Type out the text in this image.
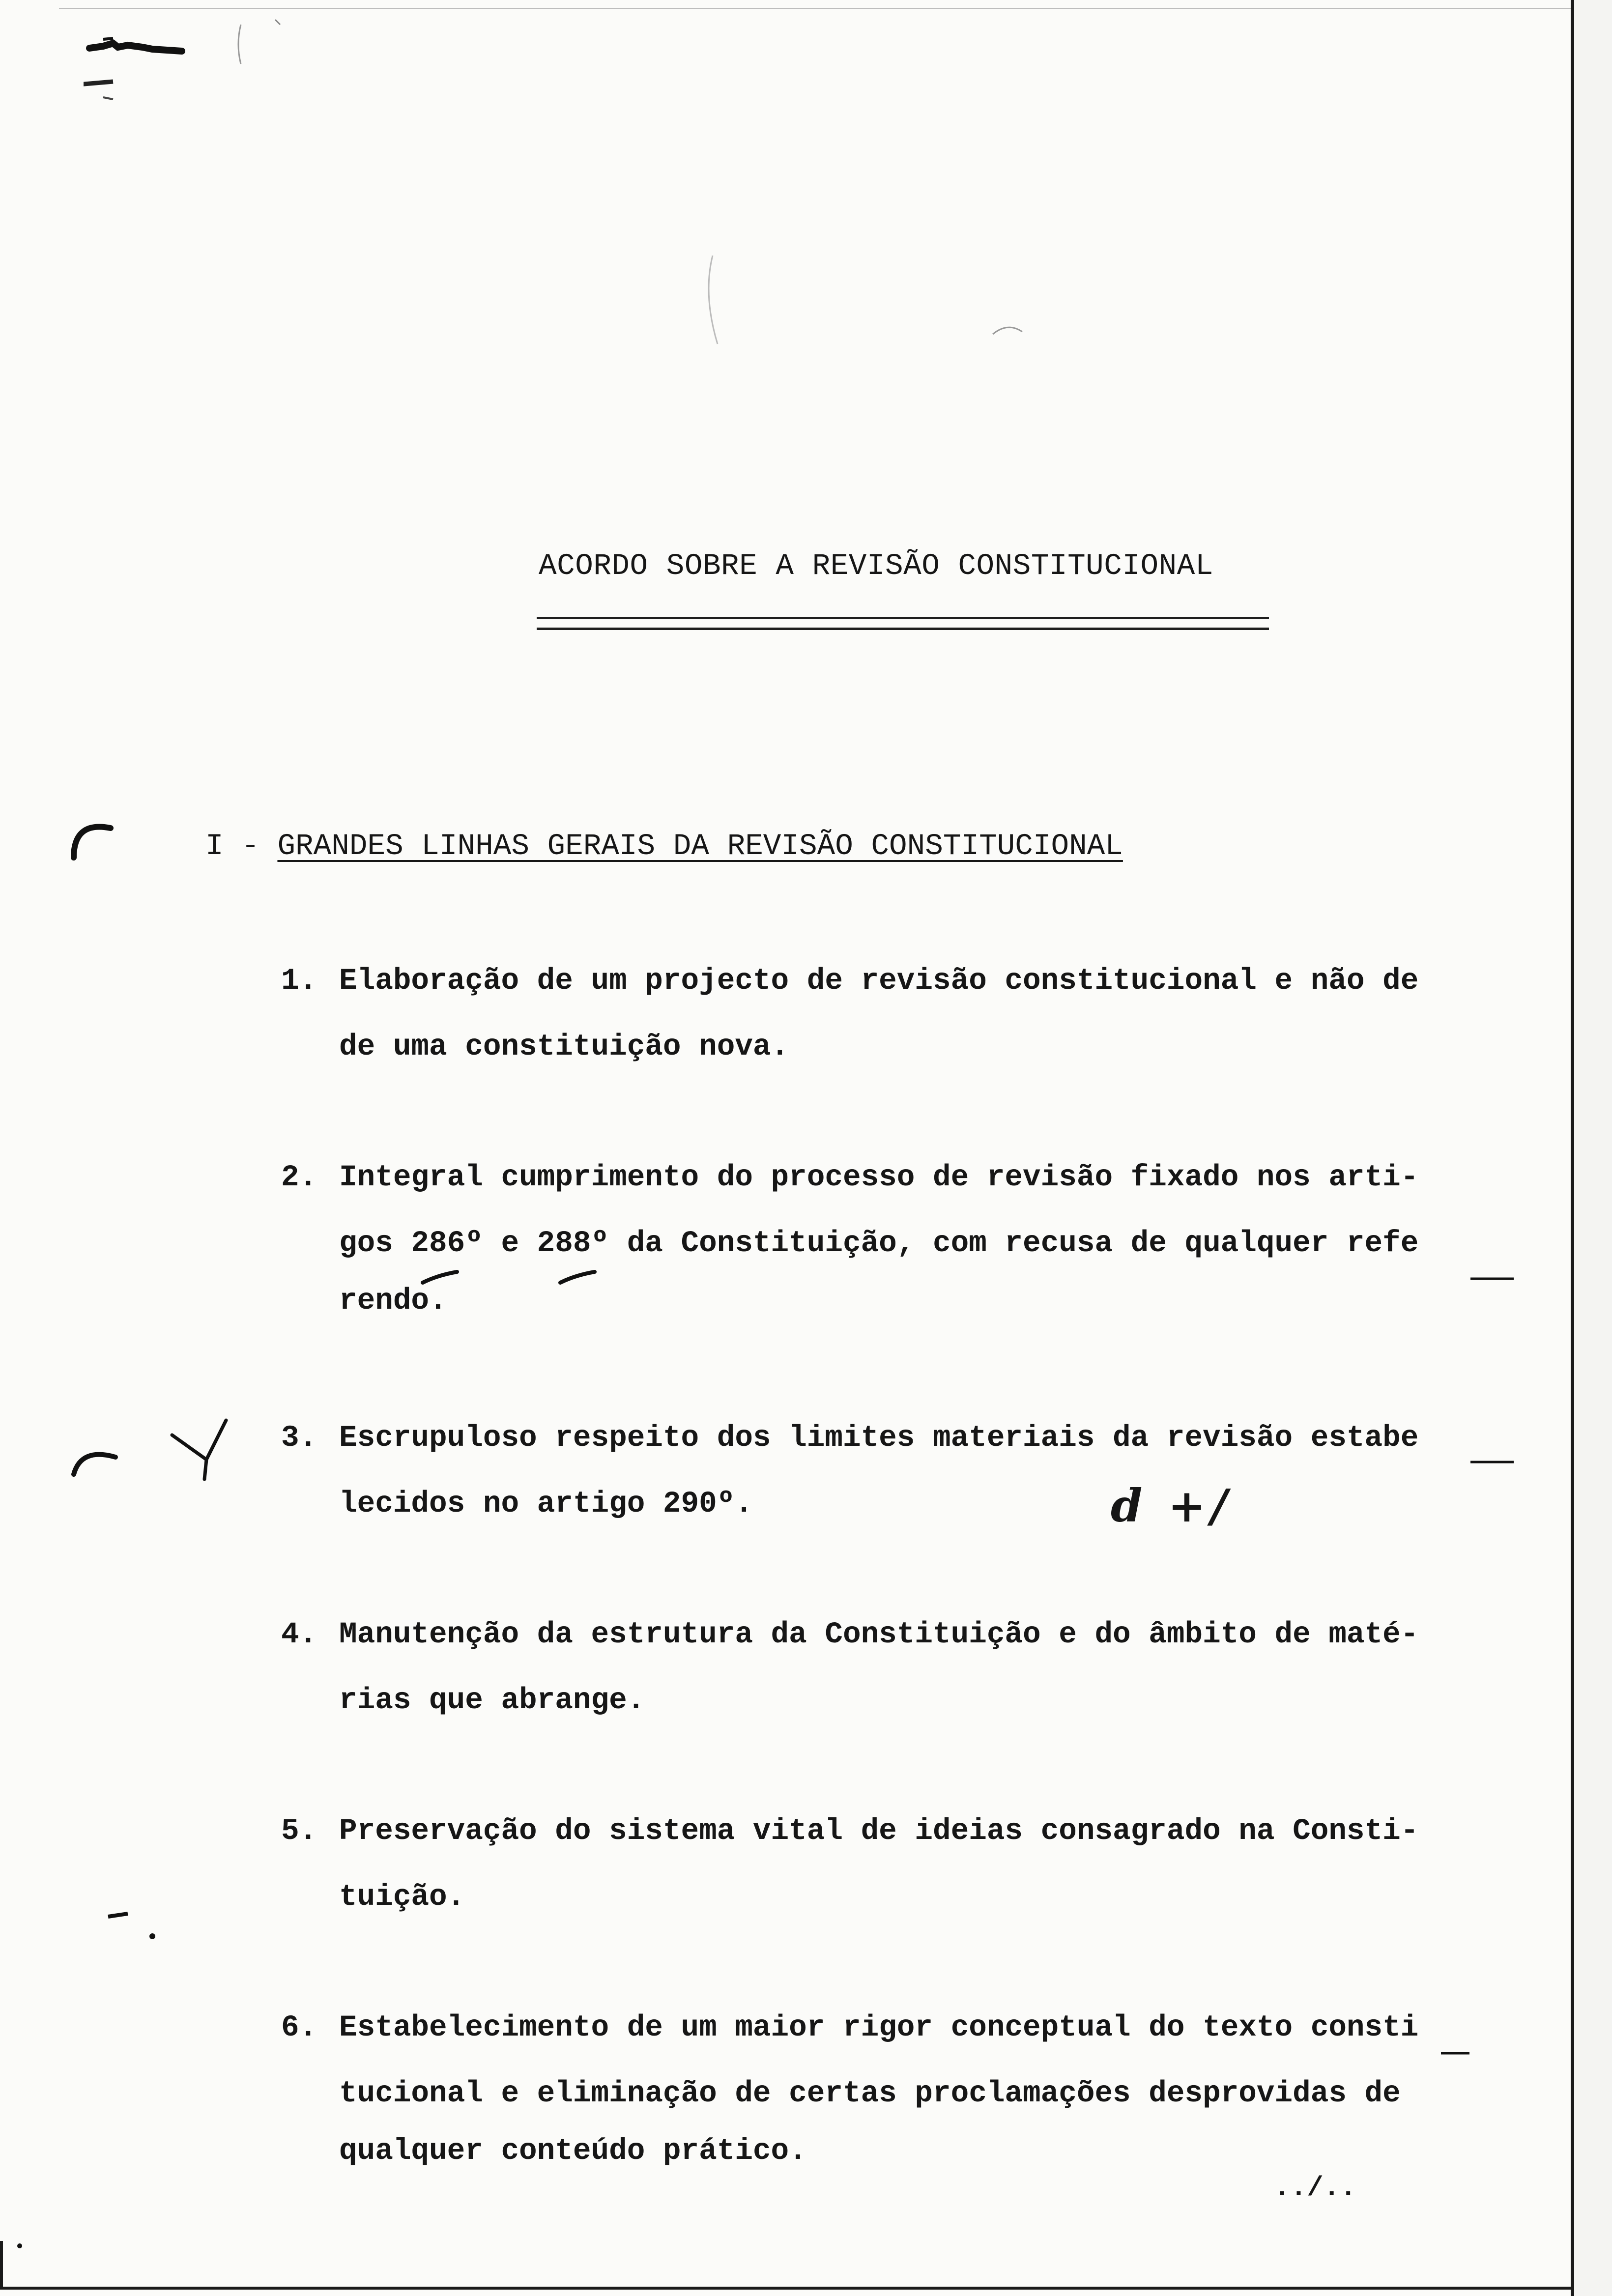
ACORDO SOBRE A REVISÃO CONSTITUCIONAL
I - GRANDES LINHAS GERAIS DA REVISÃO CONSTITUCIONAL
1. Elaboração de um projecto de revisão constitucional e não de
de uma constituição nova.
2. Integral cumprimento do processo de revisão fixado nos arti-
gos 286º e 288º da Constituição, com recusa de qualquer refe
rendo.
3. Escrupuloso respeito dos limites materiais da revisão estabe
lecidos no artigo 290º.	d +/
4. Manutenção da estrutura da Constituição e do âmbito de maté-
rias que abrange.
5. Preservação do sistema vital de ideias consagrado na Consti-
tuição.
6. Estabelecimento de um maior rigor conceptual do texto consti
tucional e eliminação de certas proclamações desprovidas de
qualquer conteúdo prático.
../..
